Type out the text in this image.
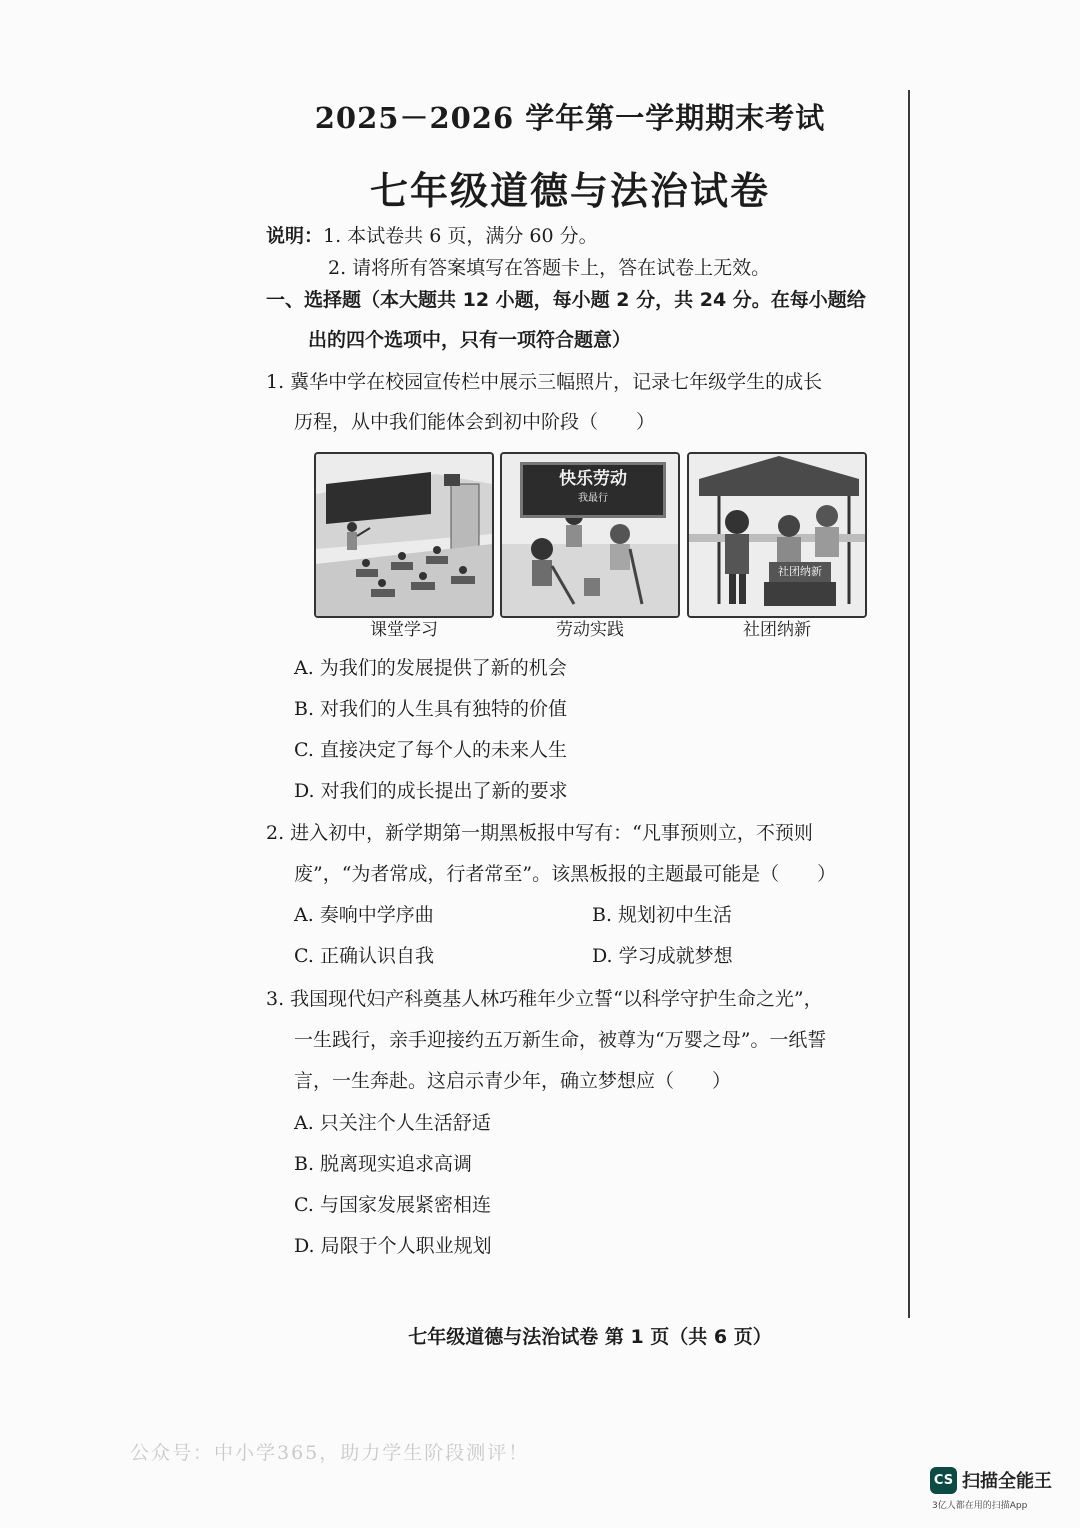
2025－2026 学年第一学期期末考试
七年级道德与法治试卷
说明：1. 本试卷共 6 页，满分 60 分。
2. 请将所有答案填写在答题卡上，答在试卷上无效。
一、选择题（本大题共 12 小题，每小题 2 分，共 24 分。在每小题给
出的四个选项中，只有一项符合题意）
1. 冀华中学在校园宣传栏中展示三幅照片，记录七年级学生的成长
历程，从中我们能体会到初中阶段（　　）
课堂学习
快乐劳动
我最行
劳动实践
社团纳新
社团纳新
A. 为我们的发展提供了新的机会
B. 对我们的人生具有独特的价值
C. 直接决定了每个人的未来人生
D. 对我们的成长提出了新的要求
2. 进入初中，新学期第一期黑板报中写有：“凡事预则立，不预则
废”，“为者常成，行者常至”。该黑板报的主题最可能是（　　）
A. 奏响中学序曲	B. 规划初中生活
C. 正确认识自我	D. 学习成就梦想
3. 我国现代妇产科奠基人林巧稚年少立誓“以科学守护生命之光”，
一生践行，亲手迎接约五万新生命，被尊为“万婴之母”。一纸誓
言，一生奔赴。这启示青少年，确立梦想应（　　）
A. 只关注个人生活舒适
B. 脱离现实追求高调
C. 与国家发展紧密相连
D. 局限于个人职业规划
七年级道德与法治试卷 第 1 页（共 6 页）
公众号：中小学365，助力学生阶段测评！
CS 扫描全能王
3亿人都在用的扫描App
